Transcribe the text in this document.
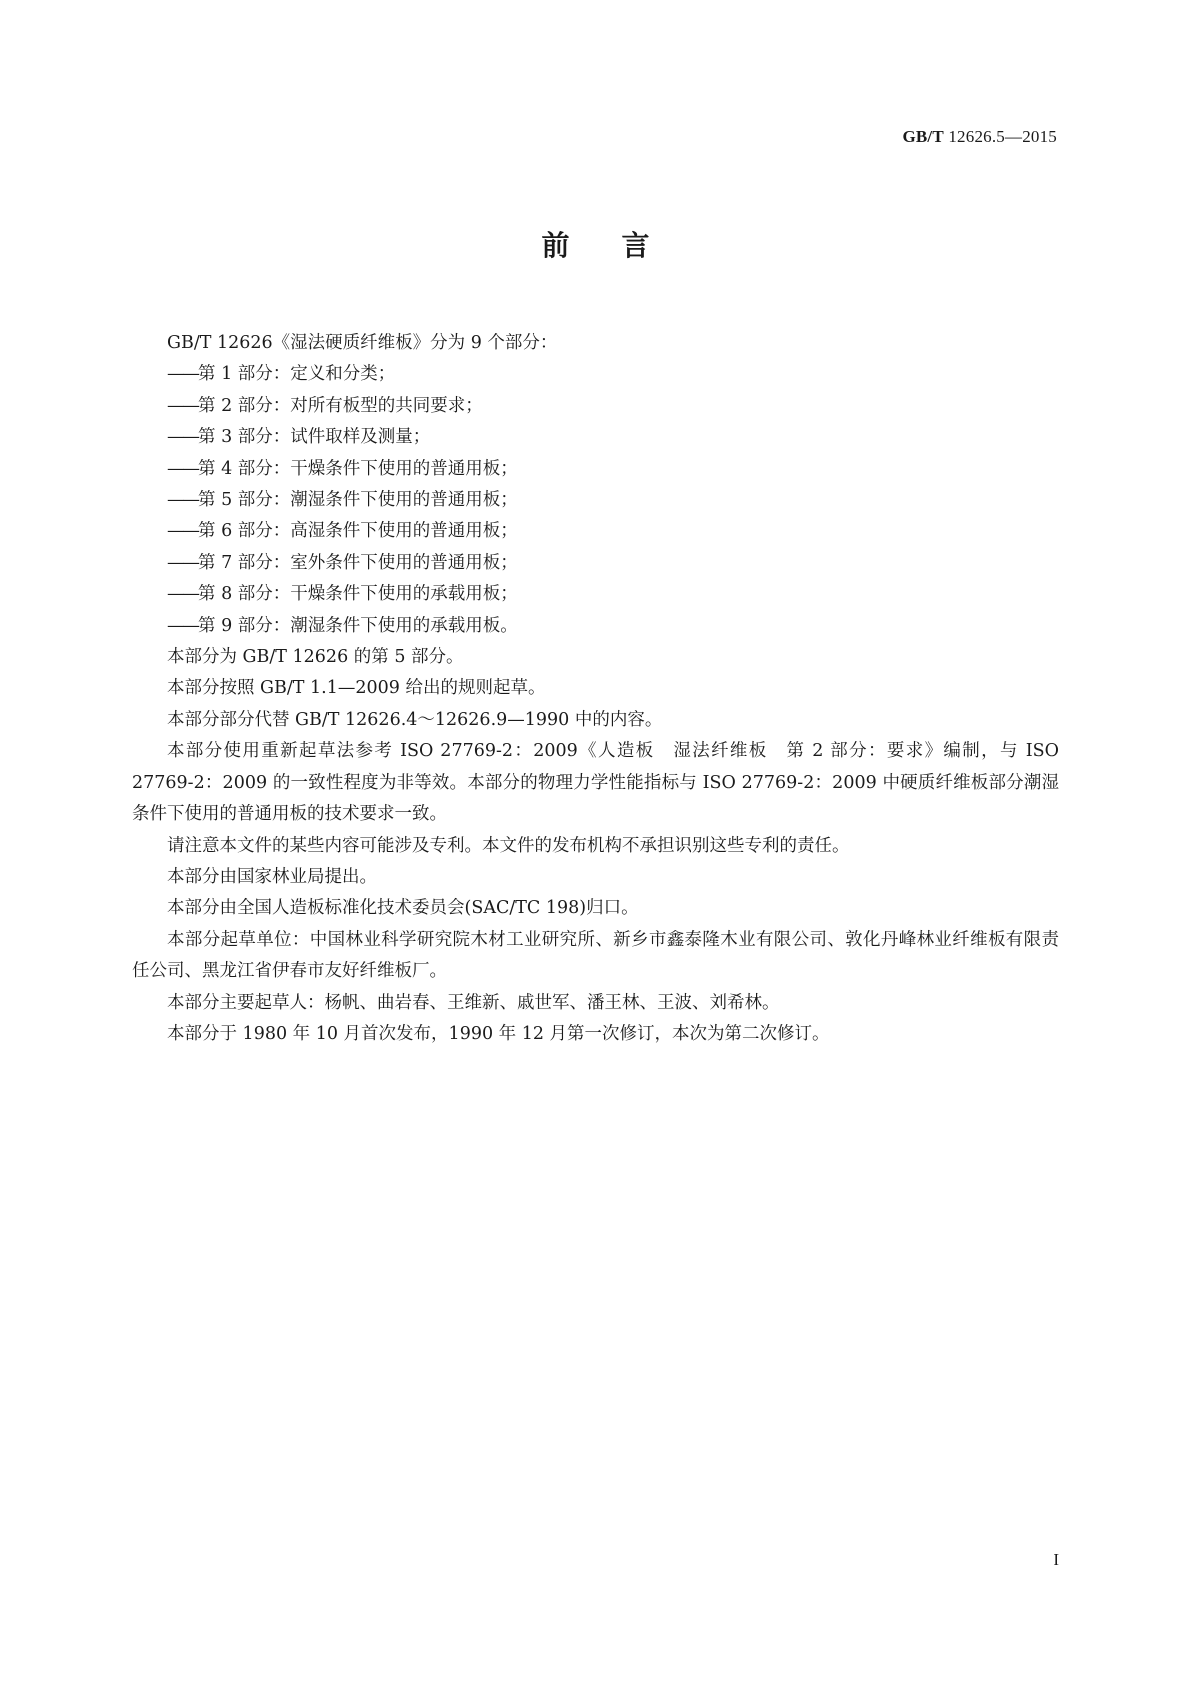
GB/T 12626.5—2015
前言

GB/T 12626《湿法硬质纤维板》分为 9 个部分：

——第 1 部分：定义和分类；

——第 2 部分：对所有板型的共同要求；

——第 3 部分：试件取样及测量；

——第 4 部分：干燥条件下使用的普通用板；

——第 5 部分：潮湿条件下使用的普通用板；

——第 6 部分：高湿条件下使用的普通用板；

——第 7 部分：室外条件下使用的普通用板；

——第 8 部分：干燥条件下使用的承载用板；

——第 9 部分：潮湿条件下使用的承载用板。

本部分为 GB/T 12626 的第 5 部分。

本部分按照 GB/T 1.1—2009 给出的规则起草。

本部分部分代替 GB/T 12626.4～12626.9—1990 中的内容。

本部分使用重新起草法参考 ISO 27769-2：2009《人造板　湿法纤维板　第 2 部分：要求》编制，与 ISO 27769-2：2009 的一致性程度为非等效。本部分的物理力学性能指标与 ISO 27769-2：2009 中硬质纤维板部分潮湿条件下使用的普通用板的技术要求一致。

请注意本文件的某些内容可能涉及专利。本文件的发布机构不承担识别这些专利的责任。

本部分由国家林业局提出。

本部分由全国人造板标准化技术委员会(SAC/TC 198)归口。

本部分起草单位：中国林业科学研究院木材工业研究所、新乡市鑫泰隆木业有限公司、敦化丹峰林业纤维板有限责任公司、黑龙江省伊春市友好纤维板厂。

本部分主要起草人：杨帆、曲岩春、王维新、戚世军、潘王林、王波、刘希林。

本部分于 1980 年 10 月首次发布，1990 年 12 月第一次修订，本次为第二次修订。

I
